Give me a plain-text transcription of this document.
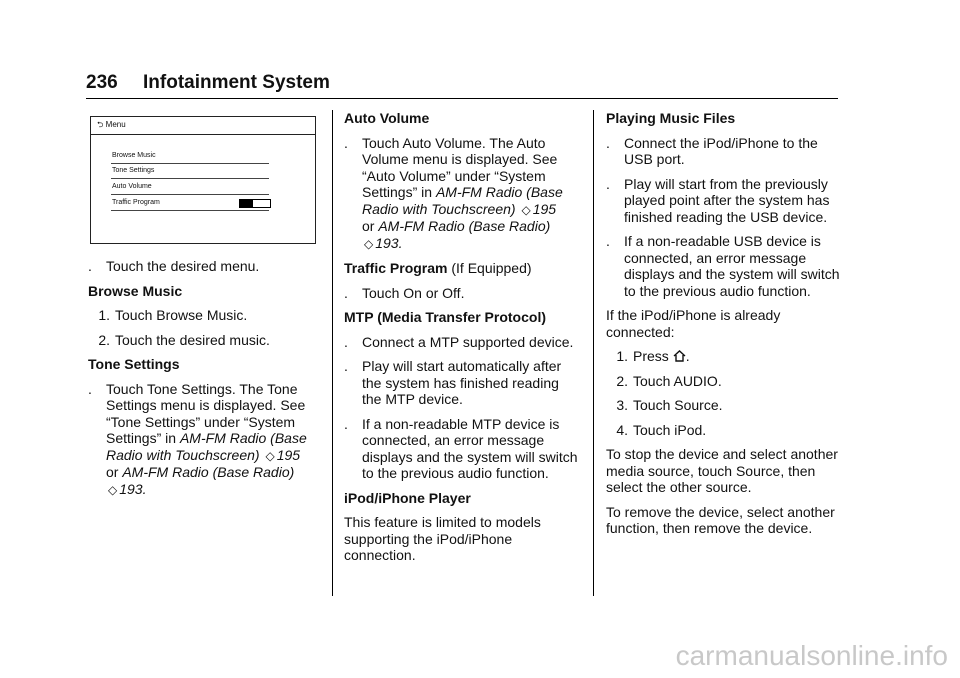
236 Infotainment System
⮌ Menu
Browse Music
Tone Settings
Auto Volume
Traffic Program
. Touch the desired menu.
Browse Music
1. Touch Browse Music.
2. Touch the desired music.
Tone Settings
. Touch Tone Settings. The Tone Settings menu is displayed. See “Tone Settings” under “System Settings” in AM-FM Radio (Base Radio with Touchscreen) ◇ 195
or AM-FM Radio (Base Radio) ◇ 193.
Auto Volume
. Touch Auto Volume. The Auto Volume menu is displayed. See “Auto Volume” under “System Settings” in AM-FM Radio (Base Radio with Touchscreen) ◇ 195
or AM-FM Radio (Base Radio) ◇ 193.
Traffic Program (If Equipped)
. Touch On or Off.
MTP (Media Transfer Protocol)
. Connect a MTP supported device.
. Play will start automatically after the system has finished reading the MTP device.
. If a non-readable MTP device is connected, an error message displays and the system will switch to the previous audio function.
iPod/iPhone Player
This feature is limited to models supporting the iPod/iPhone connection.
Playing Music Files
. Connect the iPod/iPhone to the USB port.
. Play will start from the previously played point after the system has finished reading the USB device.
. If a non-readable USB device is connected, an error message displays and the system will switch to the previous audio function.
If the iPod/iPhone is already connected:
1. Press .
2. Touch AUDIO.
3. Touch Source.
4. Touch iPod.
To stop the device and select another media source, touch Source, then select the other source.
To remove the device, select another function, then remove the device.
carmanualsonline.info
